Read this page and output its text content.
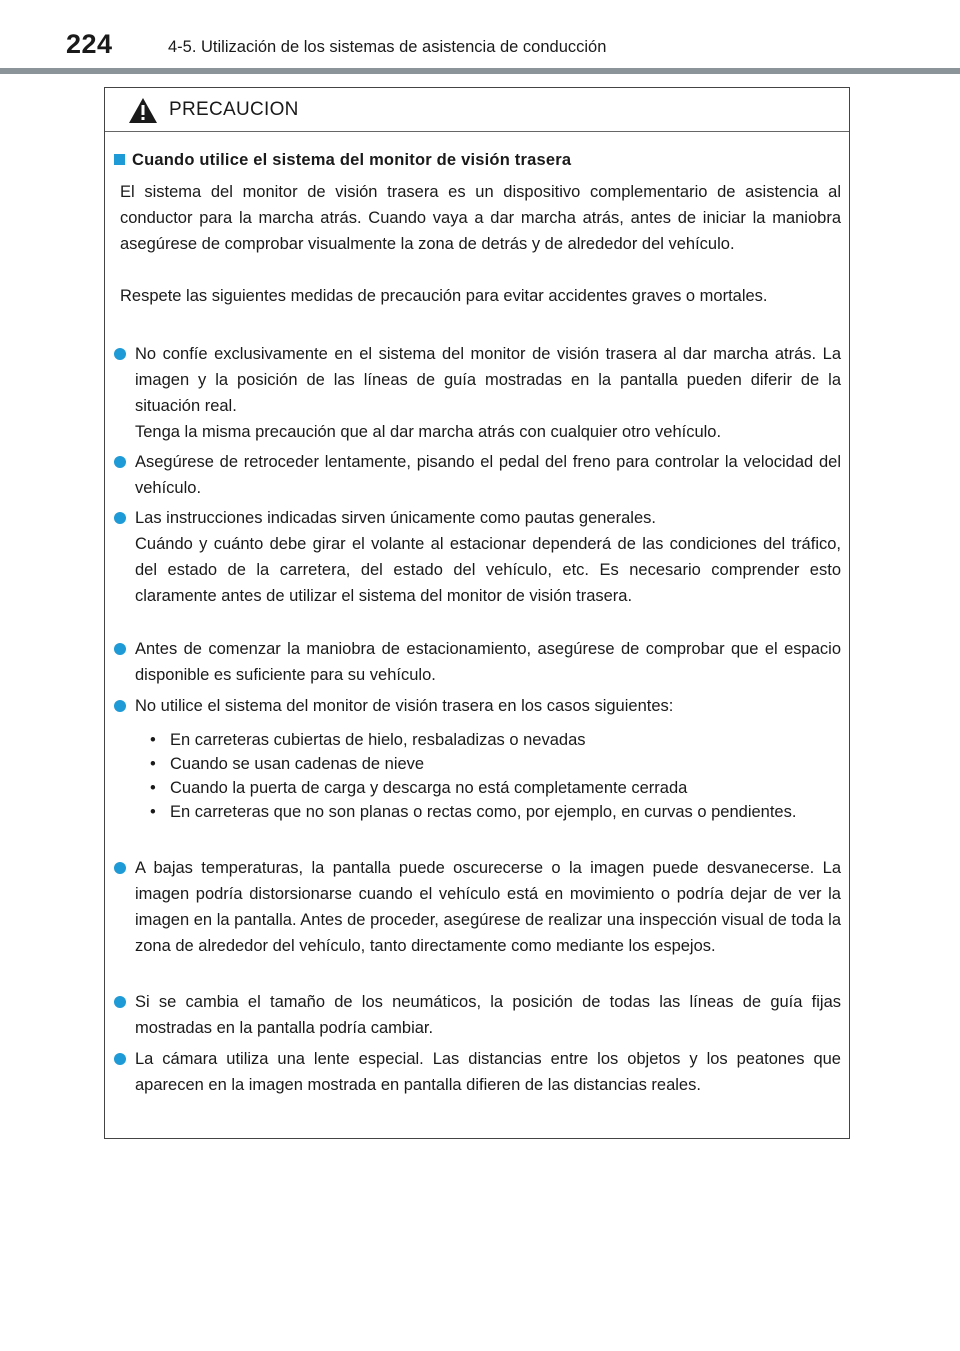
224	4-5. Utilización de los sistemas de asistencia de conducción
PRECAUCION
Cuando utilice el sistema del monitor de visión trasera

El sistema del monitor de visión trasera es un dispositivo complementario de asistencia al conductor para la marcha atrás. Cuando vaya a dar marcha atrás, antes de iniciar la maniobra asegúrese de comprobar visualmente la zona de detrás y de alrededor del vehículo.

Respete las siguientes medidas de precaución para evitar accidentes graves o mortales.

No confíe exclusivamente en el sistema del monitor de visión trasera al dar marcha atrás. La imagen y la posición de las líneas de guía mostradas en la pantalla pueden diferir de la situación real.

Tenga la misma precaución que al dar marcha atrás con cualquier otro vehículo.

Asegúrese de retroceder lentamente, pisando el pedal del freno para controlar la velocidad del vehículo.

Las instrucciones indicadas sirven únicamente como pautas generales.

Cuándo y cuánto debe girar el volante al estacionar dependerá de las condiciones del tráfico, del estado de la carretera, del estado del vehículo, etc. Es necesario comprender esto claramente antes de utilizar el sistema del monitor de visión trasera.

Antes de comenzar la maniobra de estacionamiento, asegúrese de comprobar que el espacio disponible es suficiente para su vehículo.

No utilice el sistema del monitor de visión trasera en los casos siguientes:

• En carreteras cubiertas de hielo, resbaladizas o nevadas
• Cuando se usan cadenas de nieve
• Cuando la puerta de carga y descarga no está completamente cerrada
• En carreteras que no son planas o rectas como, por ejemplo, en curvas o pendientes.

A bajas temperaturas, la pantalla puede oscurecerse o la imagen puede desvanecerse. La imagen podría distorsionarse cuando el vehículo está en movimiento o podría dejar de ver la imagen en la pantalla. Antes de proceder, asegúrese de realizar una inspección visual de toda la zona de alrededor del vehículo, tanto directamente como mediante los espejos.

Si se cambia el tamaño de los neumáticos, la posición de todas las líneas de guía fijas mostradas en la pantalla podría cambiar.

La cámara utiliza una lente especial. Las distancias entre los objetos y los peatones que aparecen en la imagen mostrada en pantalla difieren de las distancias reales.
